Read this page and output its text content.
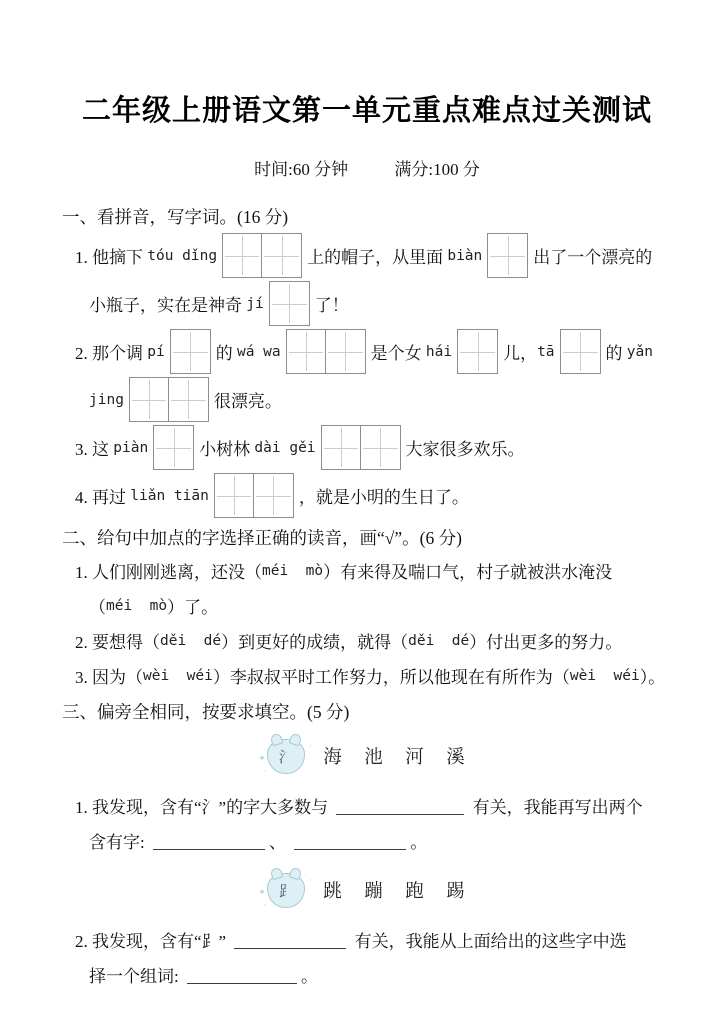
二年级上册语文第一单元重点难点过关测试
时间:60 分钟	满分:100 分
一、看拼音，写字词。(16 分)
1. 他摘下 tóu dǐng	上的帽子，从里面 biàn	出了一个漂亮的
小瓶子，实在是神奇 jí	了！
2. 那个调 pí	的 wá wa	是个女 hái	儿， tā	的 yǎn
jing	很漂亮。
3. 这 piàn	小树林 dài gěi	大家很多欢乐。
4. 再过 liǎn tiān	，就是小明的生日了。
二、给句中加点的字选择正确的读音，画“√”。(6 分)
1. 人们刚刚逃离，还没（ méi  mò ）有来得及喘口气，村子就被洪水淹没
（ méi  mò ）了。
2. 要想得（ děi  dé ）到更好的成绩，就得（ děi  dé ）付出更多的努力。
3. 因为（ wèi  wéi ）李叔叔平时工作努力，所以他现在有所作为（ wèi  wéi ）。
三、偏旁全相同，按要求填空。(5 分)
✦
·
·
氵	海　池　河　溪
1. 我发现，含有“氵”的字大多数与	有关，我能再写出两个
含有字:	、	。
✦
·
·
⻊	跳　蹦　跑　踢
2. 我发现，含有“⻊”	有关，我能从上面给出的这些字中选
择一个组词:	。
